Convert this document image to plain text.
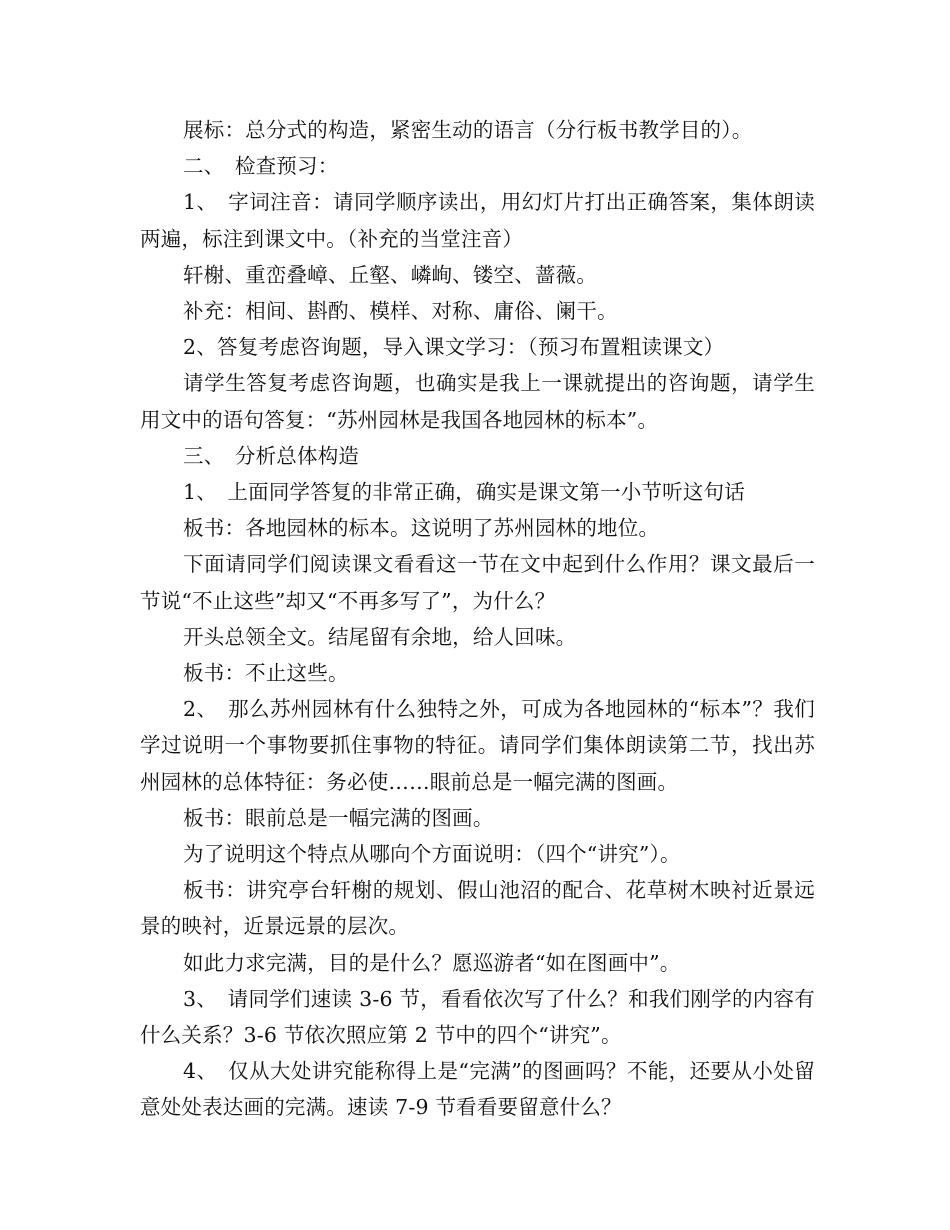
展标：总分式的构造，紧密生动的语言（分行板书教学目的）。

二、　检查预习：

1、　字词注音：请同学顺序读出，用幻灯片打出正确答案，集体朗读两遍，标注到课文中。（补充的当堂注音）

轩榭、重峦叠嶂、丘壑、嶙峋、镂空、蔷薇。

补充：相间、斟酌、模样、对称、庸俗、阑干。

2、答复考虑咨询题，导入课文学习：（预习布置粗读课文）

请学生答复考虑咨询题，也确实是我上一课就提出的咨询题，请学生用文中的语句答复：“苏州园林是我国各地园林的标本”。

三、　分析总体构造

1、　上面同学答复的非常正确，确实是课文第一小节听这句话

板书：各地园林的标本。这说明了苏州园林的地位。

下面请同学们阅读课文看看这一节在文中起到什么作用？课文最后一节说“不止这些”却又“不再多写了”，为什么？

开头总领全文。结尾留有余地，给人回味。

板书：不止这些。

2、　那么苏州园林有什么独特之外，可成为各地园林的“标本”？我们学过说明一个事物要抓住事物的特征。请同学们集体朗读第二节，找出苏州园林的总体特征：务必使……眼前总是一幅完满的图画。

板书：眼前总是一幅完满的图画。

为了说明这个特点从哪向个方面说明：（四个“讲究”）。

板书：讲究亭台轩榭的规划、假山池沼的配合、花草树木映衬近景远景的映衬，近景远景的层次。

如此力求完满，目的是什么？愿巡游者“如在图画中”。

3、　请同学们速读 3-6 节，看看依次写了什么？和我们刚学的内容有什么关系？3-6 节依次照应第 2 节中的四个“讲究”。

4、　仅从大处讲究能称得上是“完满”的图画吗？不能，还要从小处留意处处表达画的完满。速读 7-9 节看看要留意什么？
